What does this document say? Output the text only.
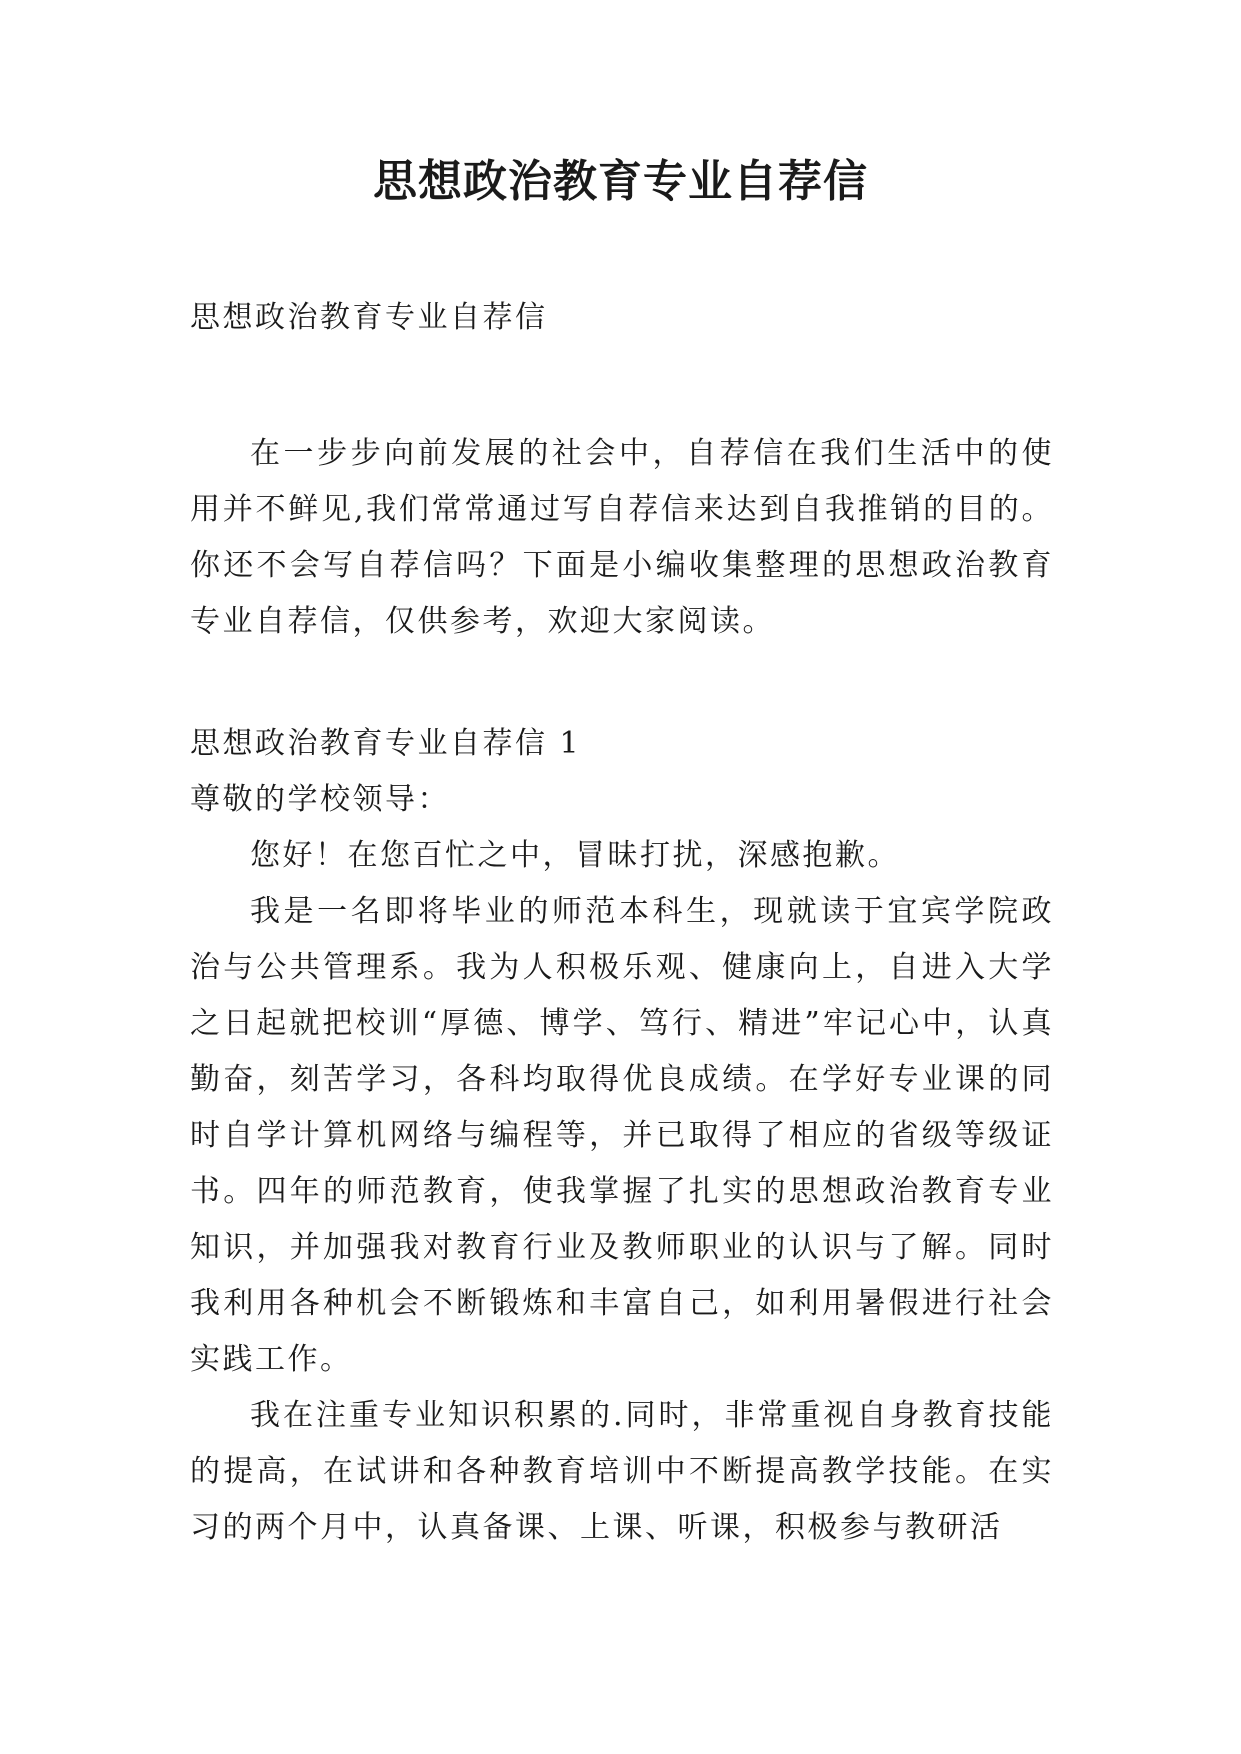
思想政治教育专业自荐信

思想政治教育专业自荐信

在一步步向前发展的社会中，自荐信在我们生活中的使用并不鲜见,我们常常通过写自荐信来达到自我推销的目的。你还不会写自荐信吗？下面是小编收集整理的思想政治教育专业自荐信，仅供参考，欢迎大家阅读。

思想政治教育专业自荐信 1

尊敬的学校领导：

您好！在您百忙之中，冒昧打扰，深感抱歉。

我是一名即将毕业的师范本科生，现就读于宜宾学院政治与公共管理系。我为人积极乐观、健康向上，自进入大学之日起就把校训“厚德、博学、笃行、精进”牢记心中，认真勤奋，刻苦学习，各科均取得优良成绩。在学好专业课的同时自学计算机网络与编程等，并已取得了相应的省级等级证书。四年的师范教育，使我掌握了扎实的思想政治教育专业知识，并加强我对教育行业及教师职业的认识与了解。同时我利用各种机会不断锻炼和丰富自己，如利用暑假进行社会实践工作。

我在注重专业知识积累的.同时，非常重视自身教育技能的提高，在试讲和各种教育培训中不断提高教学技能。在实习的两个月中，认真备课、上课、听课，积极参与教研活
